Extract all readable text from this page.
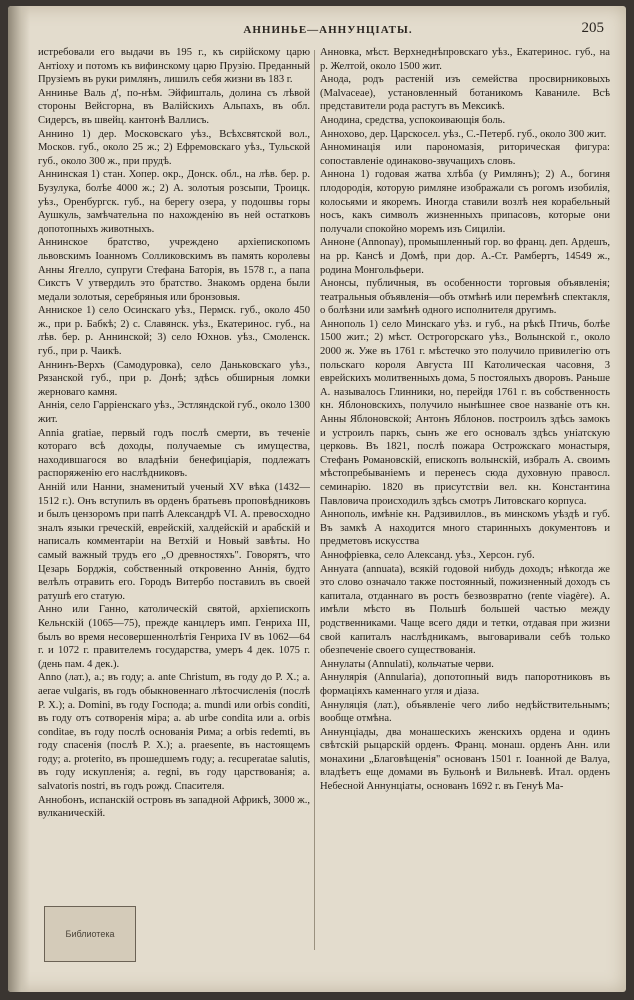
АННИНЬЕ—АННУНЦІАТЫ.	205

истребовали его выдачи въ 195 г., къ сирійскому царю Антіоху и потомъ къ вифинскому царю Прузію. Преданный Прузіемъ въ руки римлянъ, лишилъ себя жизни въ 183 г.

Аннинье Валь д', по-нѣм. Эйфишталь, долина съ лѣвой стороны Вейсгорна, въ Валійскихъ Альпахъ, въ обл. Сидерсъ, въ швейц. кантонѣ Валлисъ.

Аннино 1) дер. Московскаго уѣз., Всѣхсвятской вол., Москов. губ., около 25 ж.; 2) Ефремовскаго уѣз., Тульской губ., около 300 ж., при прудѣ.

Аннинская 1) стан. Хопер. окр., Донск. обл., на лѣв. бер. р. Бузулука, болѣе 4000 ж.; 2) А. золотыя розсыпи, Троицк. уѣз., Оренбургск. губ., на берегу озера, у подошвы горы Аушкуль, замѣчательна по нахожденію въ ней остатковъ допотопныхъ животныхъ.

Аннинское братство, учреждено архіепископомъ львовскимъ Іоанномъ Солликовскимъ въ память королевы Анны Ягелло, супруги Стефана Баторія, въ 1578 г., а папа Сикстъ V утвердилъ это братство. Знакомъ ордена были медали золотыя, серебряныя или бронзовыя.

Анниское 1) село Осинскаго уѣз., Пермск. губ., около 450 ж., при р. Бабкѣ; 2) с. Славянск. уѣз., Екатеринос. губ., на лѣв. бер. р. Аннинской; 3) село Юхнов. уѣз., Смоленск. губ., при р. Чаикѣ.

Аннинъ-Верхъ (Самодуровка), село Даньковскаго уѣз., Рязанской губ., при р. Донѣ; здѣсь обширныя ломки жерноваго камня.

Аннія, село Гарріенскаго уѣз., Эстляндской губ., около 1300 жит.

Annia gratiae, первый годъ послѣ смерти, въ теченіе котораго всѣ доходы, получаемые съ имущества, находившагося во владѣніи бенефиціарія, подлежатъ распоряженію его наслѣдниковъ.

Анній или Нанни, знаменитый ученый XV вѣка (1432—1512 г.). Онъ вступилъ въ орденъ братьевъ проповѣдниковъ и былъ цензоромъ при папѣ Александрѣ VI. А. превосходно зналъ языки греческій, еврейскій, халдейскій и арабскій и написалъ комментаріи на Ветхій и Новый завѣты. Но самый важный трудъ его „О древностяхъ". Говорятъ, что Цезарь Борджія, собственный откровенно Аннія, будто велѣлъ отравить его. Городъ Витербо поставилъ въ своей ратушѣ его статую.

Анно или Ганно, католическій святой, архіепископъ Кельнскій (1065—75), прежде канцлеръ имп. Генриха III, былъ во время несовершеннолѣтія Генриха IV въ 1062—64 г. и 1072 г. правителемъ государства, умеръ 4 дек. 1075 г. (день пам. 4 дек.).

Anno (лат.), a.; въ году; a. ante Christum, въ году до Р. Х.; a. aerae vulgaris, въ годъ обыкновеннаго лѣтосчисленія (послѣ Р. Х.); a. Domini, въ году Господа; a. mundi или orbis conditi, въ году отъ сотворенія міра; a. ab urbe condita или a. orbis conditae, въ году послѣ основанія Рима; a orbis redemti, въ году спасенія (послѣ Р. Х.); a. praesente, въ настоящемъ году; a. proterito, въ прошедшемъ году; a. recuperatae salutis, въ году искупленія; a. regni, въ году царствованія; a. salvatoris nostri, въ годъ рожд. Спасителя.

Аннобонъ, испанскій островъ въ западной Африкѣ, 3000 ж., вулканическій.

Анновка, мѣст. Верхнеднѣпровскаго уѣз., Екатеринос. губ., на р. Желтой, около 1500 жит.

Анода, родъ растеній изъ семейства просвирниковыхъ (Malvaceae), установленный ботаникомъ Каваниле. Всѣ представители рода растутъ въ Мексикѣ.

Анодина, средства, успокоивающія боль.

Аннохово, дер. Царскосел. уѣз., С.-Петерб. губ., около 300 жит.

Анноминація или парономазія, риторическая фигура: сопоставленіе одинаково-звучащихъ словъ.

Аннона 1) годовая жатва хлѣба (у Римлянъ); 2) А., богиня плодородія, которую римляне изображали съ рогомъ изобилія, колосьями и якоремъ. Иногда ставили возлѣ нея корабельный носъ, какъ символъ жизненныхъ припасовъ, которые они получали спокойно моремъ изъ Сициліи.

Анноне (Annonay), промышленный гор. во франц. деп. Ардешъ, на рр. Кансѣ и Домѣ, при дор. А.-Ст. Рамбертъ, 14549 ж., родина Монгольфьери.

Анонсы, публичныя, въ особенности торговыя объявленія; театральныя объявленія—объ отмѣнѣ или перемѣнѣ спектакля, о болѣзни или замѣнѣ одного исполнителя другимъ.

Аннополь 1) село Минскаго уѣз. и губ., на рѣкѣ Птичь, болѣе 1500 жит.; 2) мѣст. Острогорскаго уѣз., Волынской г., около 2000 ж. Уже въ 1761 г. мѣстечко это получило привилегію отъ польскаго короля Августа III Католическая часовня, 3 еврейскихъ молитвенныхъ дома, 5 постоялыхъ дворовъ. Раньше А. называлось Глинники, но, перейдя 1761 г. въ собственность кн. Яблоновскихъ, получило нынѣшнее свое названіе отъ кн. Анны Яблоновской; Антонъ Яблонов. построилъ здѣсь замокъ и устроилъ паркъ, сынъ же его основалъ здѣсь уніатскую церковь. Въ 1821, послѣ пожара Острожскаго монастыря, Стефанъ Романовскій, епископъ волынскій, избралъ А. своимъ мѣстопребываніемъ и перенесъ сюда духовную правосл. семинарію. 1820 въ присутствіи вел. кн. Константина Павловича происходилъ здѣсь смотръ Литовскаго корпуса.

Аннополь, имѣніе кн. Радзивиллов., въ минскомъ уѣздѣ и губ. Въ замкѣ А находится много старинныхъ документовъ и предметовъ искусства

Аннофріевка, село Александ. уѣз., Херсон. губ.

Аннуата (annuata), всякій годовой нибудь доходъ; нѣкогда же это слово означало также постоянный, пожизненный доходъ съ капитала, отданнаго въ ростъ безвозвратно (rente viagère). А. имѣли мѣсто въ Польшѣ большей частью между родственниками. Чаще всего дяди и тетки, отдавая при жизни свой капиталъ наслѣдникамъ, выговаривали себѣ только обезпеченіе своего существованія.

Аннулаты (Annulati), кольчатые черви.

Аннулярія (Annularia), допотопный видъ папоротниковъ въ формаціяхъ каменнаго угля и діаза.

Аннуляція (лат.), объявленіе чего либо недѣйствительнымъ; вообще отмѣна.

Аннунціады, два монашескихъ женскихъ ордена и одинъ свѣтскій рыцарскій орденъ. Франц. монаш. орденъ Анн. или монахини „Благовѣщенія" основанъ 1501 г. Іоанной де Валуа, владѣетъ еще домами въ Бульонѣ и Вильневѣ. Итал. орденъ Небесной Аннунціаты, основанъ 1692 г. въ Генуѣ Ма-

Библиотека
